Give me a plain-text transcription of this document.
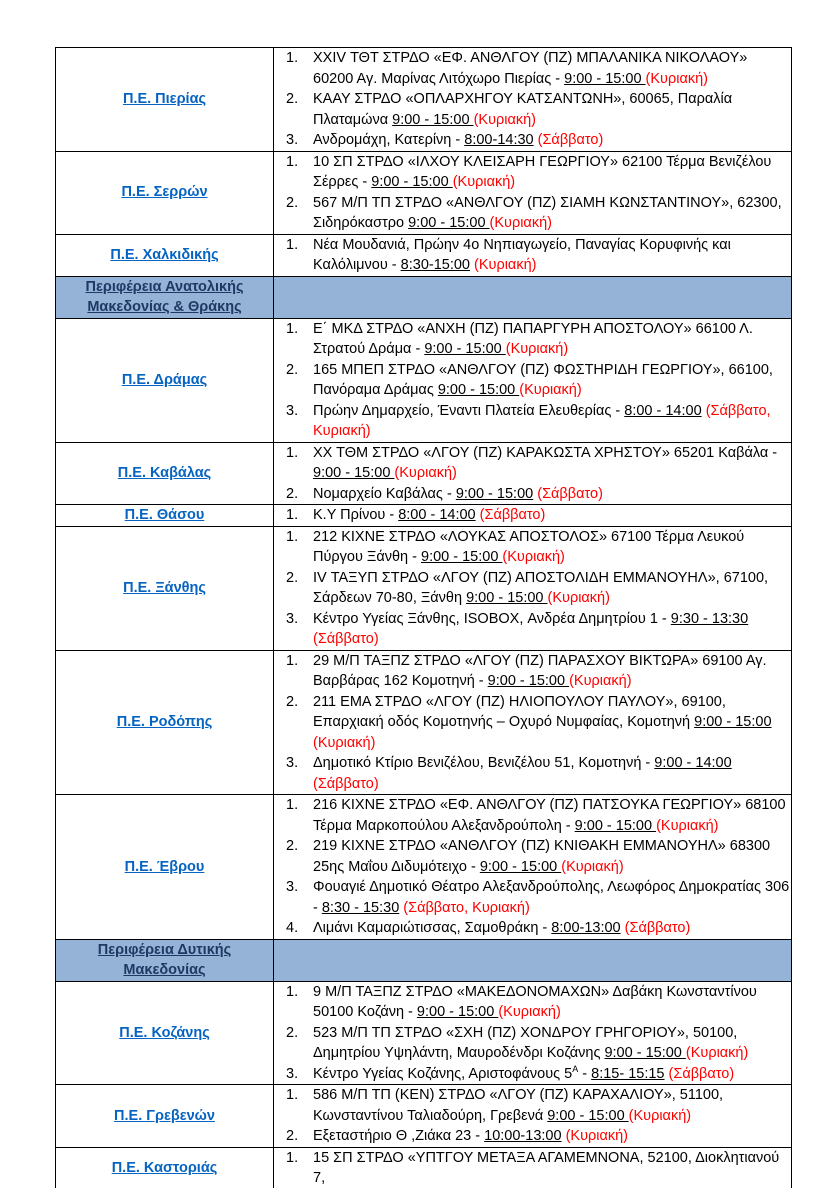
Π.Ε. Πιερίας	
1.	XXIV ΤΘΤ ΣΤΡΔΟ «ΕΦ. ΑΝΘΛΓΟΥ (ΠΖ) ΜΠΑΛΑΝΙΚΑ ΝΙΚΟΛΑΟΥ» 60200 Αγ. Μαρίνας Λιτόχωρο Πιερίας - 9:00 - 15:00 (Κυριακή)
2.	ΚΑΑΥ ΣΤΡΔΟ «ΟΠΛΑΡΧΗΓΟΥ ΚΑΤΣΑΝΤΩΝΗ», 60065, Παραλία Πλαταμώνα 9:00 - 15:00 (Κυριακή)
3.	Ανδρομάχη, Κατερίνη - 8:00-14:30 (Σάββατο)

Π.Ε. Σερρών	1. 10 ΣΠ ΣΤΡΔΟ «ΙΛΧΟΥ ΚΛΕΙΣΑΡΗ ΓΕΩΡΓΙΟΥ» 62100 Τέρμα Βενιζέλου Σέρρες - 9:00 - 15:00 (Κυριακή)
2. 567 Μ/Π ΤΠ ΣΤΡΔΟ «ΑΝΘΛΓΟΥ (ΠΖ) ΣΙΑΜΗ ΚΩΝΣΤΑΝΤΙΝΟΥ», 62300, Σιδηρόκαστρο 9:00 - 15:00 (Κυριακή)

Π.Ε. Χαλκιδικής	1. Νέα Μουδανιά, Πρώην 4ο Νηπιαγωγείο, Παναγίας Κορυφινής και Καλόλιμνου - 8:30-15:00 (Κυριακή)

Περιφέρεια Ανατολικής Μακεδονίας & Θράκης	
Π.Ε. Δράμας	
1.	Ε΄ ΜΚΔ ΣΤΡΔΟ «ΑΝΧΗ (ΠΖ) ΠΑΠΑΡΓΥΡΗ ΑΠΟΣΤΟΛΟΥ» 66100 Λ. Στρατού Δράμα - 9:00 - 15:00 (Κυριακή)
2.	165 ΜΠΕΠ ΣΤΡΔΟ «ΑΝΘΛΓΟΥ (ΠΖ) ΦΩΣΤΗΡΙΔΗ ΓΕΩΡΓΙΟΥ», 66100, Πανόραμα Δράμας 9:00 - 15:00 (Κυριακή)
3.	Πρώην Δημαρχείο, Έναντι Πλατεία Ελευθερίας - 8:00 - 14:00 (Σάββατο, Κυριακή)

Π.Ε. Καβάλας	1. ΧΧ ΤΘΜ ΣΤΡΔΟ «ΛΓΟΥ (ΠΖ) ΚΑΡΑΚΩΣΤΑ ΧΡΗΣΤΟΥ» 65201 Καβάλα - 9:00 - 15:00 (Κυριακή)
2. Νομαρχείο Καβάλας - 9:00 - 15:00 (Σάββατο)

Π.Ε. Θάσου	1. Κ.Υ Πρίνου - 8:00 - 14:00 (Σάββατο)

Π.Ε. Ξάνθης	
1.	212 ΚΙΧΝΕ ΣΤΡΔΟ «ΛΟΥΚΑΣ ΑΠΟΣΤΟΛΟΣ» 67100 Τέρμα Λευκού Πύργου Ξάνθη - 9:00 - 15:00 (Κυριακή)
2.	IV ΤΑΞΥΠ ΣΤΡΔΟ «ΛΓΟΥ (ΠΖ) ΑΠΟΣΤΟΛΙΔΗ ΕΜΜΑΝΟΥΗΛ», 67100, Σάρδεων 70-80, Ξάνθη 9:00 - 15:00 (Κυριακή)
3.	Κέντρο Υγείας Ξάνθης, ISOBOX, Ανδρέα Δημητρίου 1 - 9:30 - 13:30 (Σάββατο)

Π.Ε. Ροδόπης	
1.	29 Μ/Π ΤΑΞΠΖ ΣΤΡΔΟ «ΛΓΟΥ (ΠΖ) ΠΑΡΑΣΧΟΥ ΒΙΚΤΩΡΑ» 69100 Αγ. Βαρβάρας 162 Κομοτηνή - 9:00 - 15:00 (Κυριακή)
2.	211 ΕΜΑ ΣΤΡΔΟ «ΛΓΟΥ (ΠΖ) ΗΛΙΟΠΟΥΛΟΥ ΠΑΥΛΟΥ», 69100, Επαρχιακή οδός Κομοτηνής – Οχυρό Νυμφαίας, Κομοτηνή 9:00 - 15:00 (Κυριακή)
3.	Δημοτικό Κτίριο Βενιζέλου, Βενιζέλου 51, Κομοτηνή - 9:00 - 14:00 (Σάββατο)

Π.Ε. Έβρου	
1.	216 ΚΙΧΝΕ ΣΤΡΔΟ «ΕΦ. ΑΝΘΛΓΟΥ (ΠΖ) ΠΑΤΣΟΥΚΑ ΓΕΩΡΓΙΟΥ» 68100 Τέρμα Μαρκοπούλου Αλεξανδρούπολη - 9:00 - 15:00 (Κυριακή)
2.	219 ΚΙΧΝΕ ΣΤΡΔΟ «ΑΝΘΛΓΟΥ (ΠΖ) ΚΝΙΘΑΚΗ ΕΜΜΑΝΟΥΗΛ» 68300 25ης Μαΐου Διδυμότειχο - 9:00 - 15:00 (Κυριακή)
3.	Φουαγιέ Δημοτικό Θέατρο Αλεξανδρούπολης, Λεωφόρος Δημοκρατίας 306 - 8:30 - 15:30 (Σάββατο, Κυριακή)
4.	Λιμάνι Καμαριώτισσας, Σαμοθράκη - 8:00-13:00 (Σάββατο)

Περιφέρεια Δυτικής Μακεδονίας	
Π.Ε. Κοζάνης	
1.	9 Μ/Π ΤΑΞΠΖ ΣΤΡΔΟ «ΜΑΚΕΔΟΝΟΜΑΧΩΝ» Δαβάκη Κωνσταντίνου 50100 Κοζάνη - 9:00 - 15:00 (Κυριακή)
2.	523 Μ/Π ΤΠ ΣΤΡΔΟ «ΣΧΗ (ΠΖ) ΧΟΝΔΡΟΥ ΓΡΗΓΟΡΙΟΥ», 50100, Δημητρίου Υψηλάντη, Μαυροδένδρι Κοζάνης 9:00 - 15:00 (Κυριακή)
3.	Κέντρο Υγείας Κοζάνης, Αριστοφάνους $5^A$ - 8:15- 15:15 (Σάββατο)

Π.Ε. Γρεβενών	1. 586 Μ/Π ΤΠ (ΚΕΝ) ΣΤΡΔΟ «ΛΓΟΥ (ΠΖ) ΚΑΡΑΧΑΛΙΟΥ», 51100, Κωνσταντίνου Ταλιαδούρη, Γρεβενά 9:00 - 15:00 (Κυριακή)
2. Εξεταστήριο Θ ,Ζιάκα 23 - 10:00-13:00 (Κυριακή)

Π.Ε. Καστοριάς	1. 15 ΣΠ ΣΤΡΔΟ «ΥΠΤΓΟΥ ΜΕΤΑΞΑ ΑΓΑΜΕΜΝΟΝΑ, 52100, Διοκλητιανού 7,
